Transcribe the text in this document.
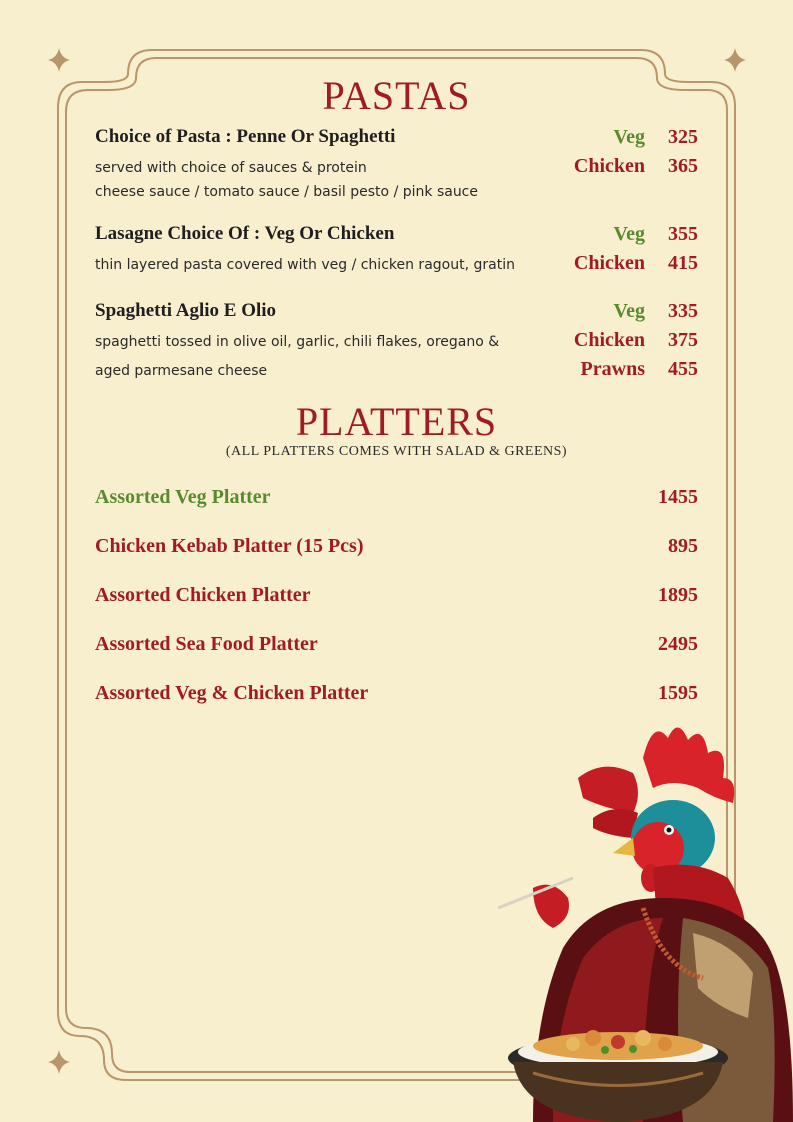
PASTAS
Choice of Pasta : Penne Or Spaghetti
served with choice of sauces & protein
cheese sauce / tomato sauce / basil pesto / pink sauce
Veg 325
Chicken 365
Lasagne Choice Of : Veg Or Chicken
thin layered pasta covered with veg / chicken ragout, gratin
Veg 355
Chicken 415
Spaghetti Aglio E Olio
spaghetti tossed in olive oil, garlic, chili flakes, oregano &
aged parmesane cheese
Veg 335
Chicken 375
Prawns 455
PLATTERS
(ALL PLATTERS COMES WITH SALAD & GREENS)
Assorted Veg Platter	1455
Chicken Kebab Platter (15 Pcs)	895
Assorted Chicken Platter	1895
Assorted Sea Food Platter	2495
Assorted Veg & Chicken Platter	1595
